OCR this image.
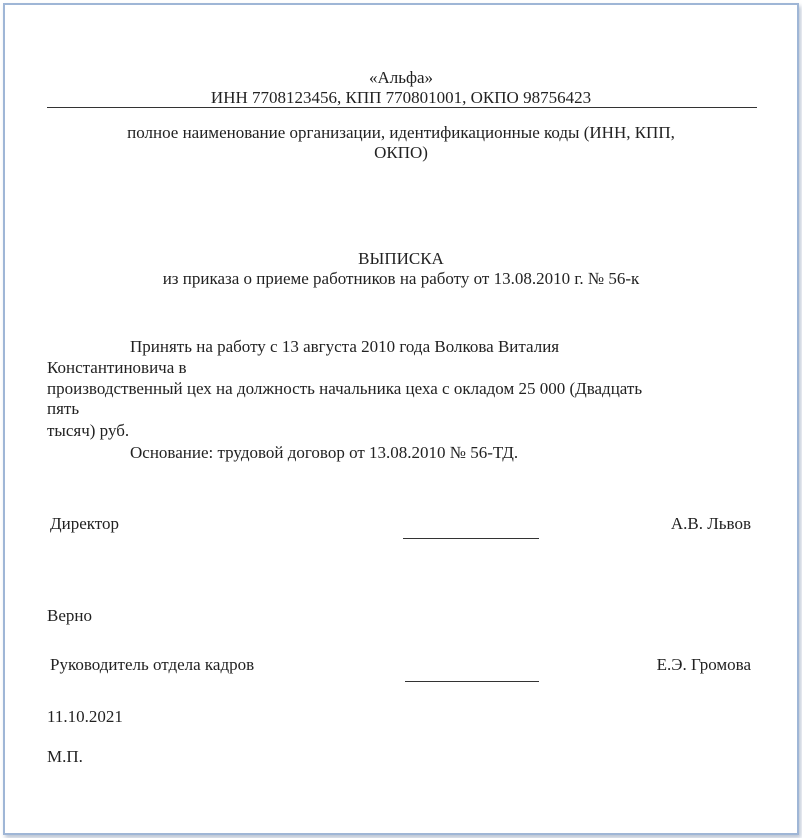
«Альфа»
ИНН 7708123456, КПП 770801001, ОКПО 98756423
полное наименование организации, идентификационные коды (ИНН, КПП,
ОКПО)
ВЫПИСКА
из приказа о приеме работников на работу от 13.08.2010 г. № 56-к
Принять на работу с 13 августа 2010 года Волкова Виталия
Константиновича в
производственный цех на должность начальника цеха с окладом 25 000 (Двадцать
пять
тысяч) руб.
Основание: трудовой договор от 13.08.2010 № 56-ТД.
Директор	А.В. Львов
Верно
Руководитель отдела кадров	Е.Э. Громова
11.10.2021
М.П.
